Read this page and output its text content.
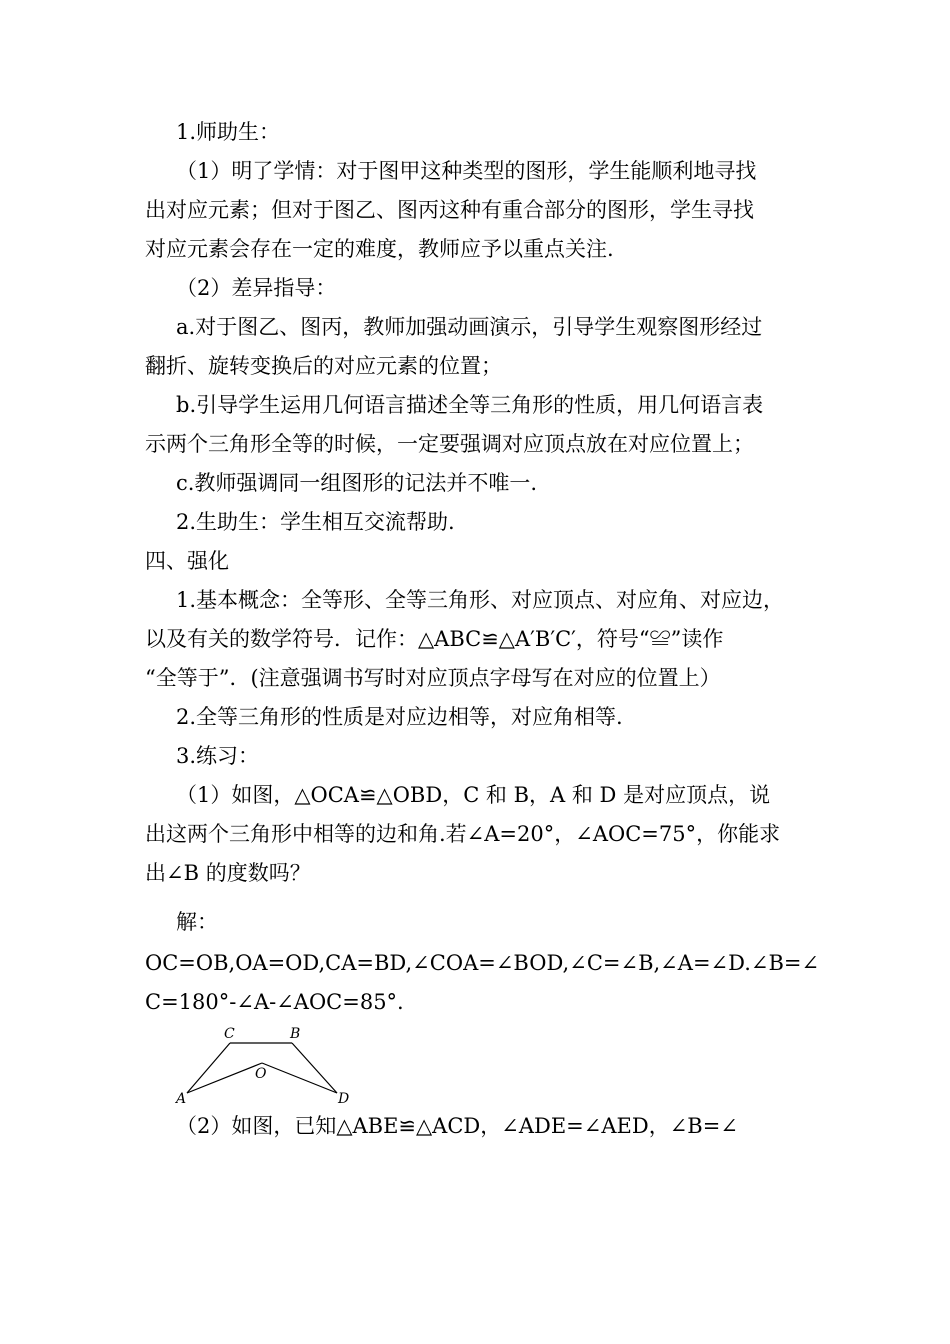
1.师助生：
（1）明了学情：对于图甲这种类型的图形，学生能顺利地寻找
出对应元素；但对于图乙、图丙这种有重合部分的图形，学生寻找
对应元素会存在一定的难度，教师应予以重点关注.
（2）差异指导：
a.对于图乙、图丙，教师加强动画演示，引导学生观察图形经过
翻折、旋转变换后的对应元素的位置；
b.引导学生运用几何语言描述全等三角形的性质，用几何语言表
示两个三角形全等的时候，一定要强调对应顶点放在对应位置上；
c.教师强调同一组图形的记法并不唯一.
2.生助生：学生相互交流帮助.
四、强化
1.基本概念：全等形、全等三角形、对应顶点、对应角、对应边，
以及有关的数学符号．记作：△ABC≌△A′B′C′，符号“≌”读作
“全等于”．(注意强调书写时对应顶点字母写在对应的位置上）
2.全等三角形的性质是对应边相等，对应角相等.
3.练习：
（1）如图，△OCA≌△OBD，C 和 B，A 和 D 是对应顶点，说
出这两个三角形中相等的边和角.若∠A=20°，∠AOC=75°，你能求
出∠B 的度数吗？
解：
OC=OB,OA=OD,CA=BD,∠COA=∠BOD,∠C=∠B,∠A=∠D.∠B=∠
C=180°-∠A-∠AOC=85°.
C	B
O
A	D
（2）如图，已知△ABE≌△ACD，∠ADE=∠AED，∠B=∠
